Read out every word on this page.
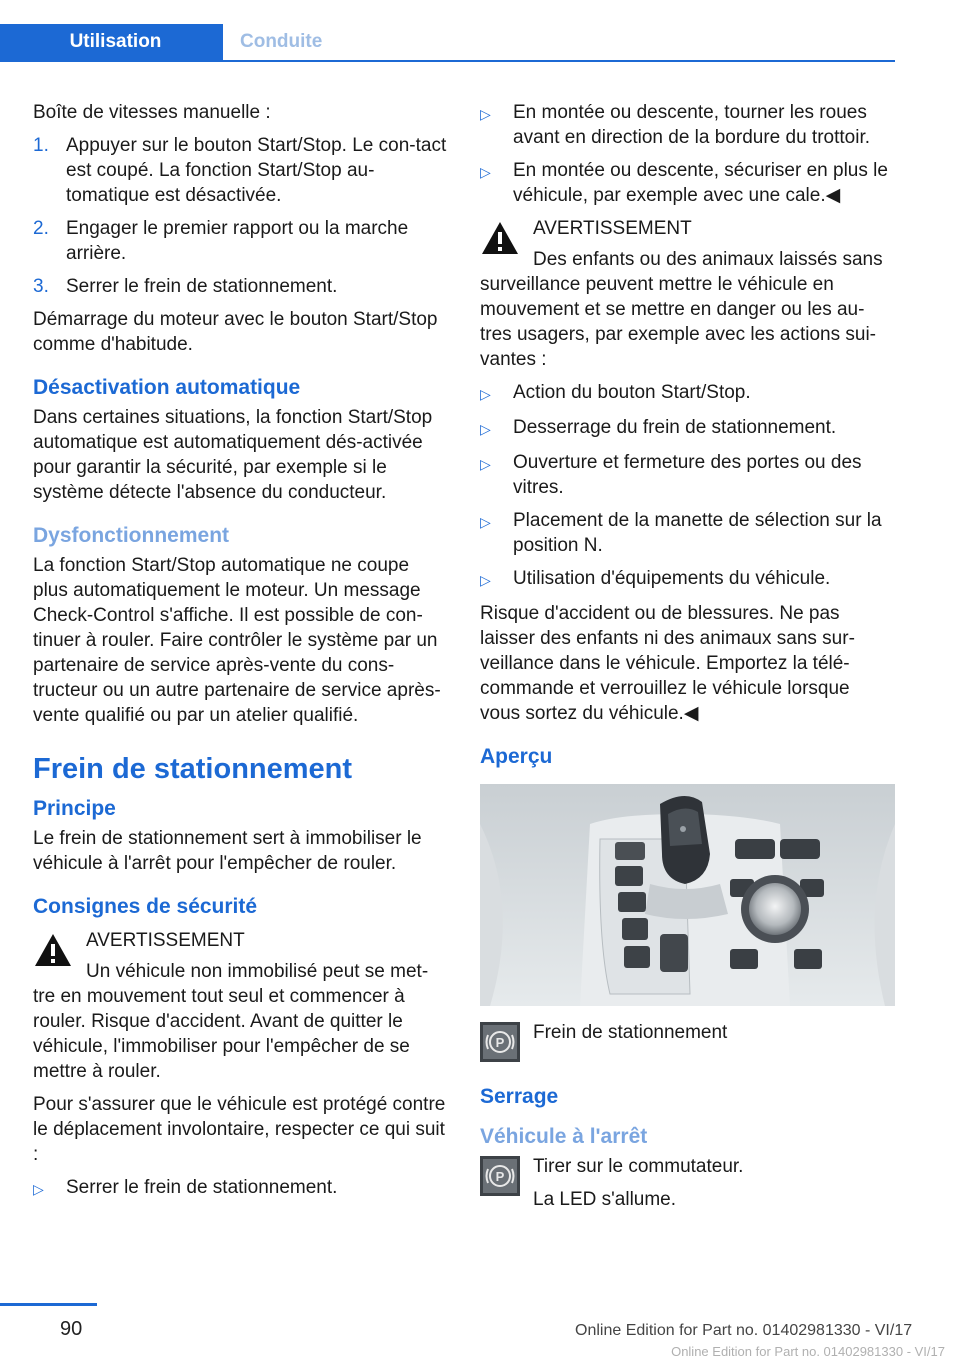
Utilisation	Conduite

Boîte de vitesses manuelle :

1. Appuyer sur le bouton Start/Stop. Le con‐tact est coupé. La fonction Start/Stop au‐tomatique est désactivée.
2. Engager le premier rapport ou la marche arrière.
3. Serrer le frein de stationnement.

Démarrage du moteur avec le bouton Start/Stop comme d'habitude.

Désactivation automatique

Dans certaines situations, la fonction Start/Stop automatique est automatiquement dés‐activée pour garantir la sécurité, par exemple si le système détecte l'absence du conducteur.

Dysfonctionnement

La fonction Start/Stop automatique ne coupe plus automatiquement le moteur. Un message Check-Control s'affiche. Il est possible de con‐tinuer à rouler. Faire contrôler le système par un partenaire de service après-vente du cons‐tructeur ou un autre partenaire de service après-vente qualifié ou par un atelier qualifié.

Frein de stationnement
Principe

Le frein de stationnement sert à immobiliser le véhicule à l'arrêt pour l'empêcher de rouler.

Consignes de sécurité
AVERTISSEMENT
Un véhicule non immobilisé peut se met‐tre en mouvement tout seul et commencer à rouler. Risque d'accident. Avant de quitter le véhicule, l'immobiliser pour l'empêcher de se mettre à rouler.

Pour s'assurer que le véhicule est protégé contre le déplacement involontaire, respecter ce qui suit :

▷	Serrer le frein de stationnement.
▷	En montée ou descente, tourner les roues avant en direction de la bordure du trottoir.
▷	En montée ou descente, sécuriser en plus le véhicule, par exemple avec une cale.◀
AVERTISSEMENT
Des enfants ou des animaux laissés sans surveillance peuvent mettre le véhicule en mouvement et se mettre en danger ou les au‐tres usagers, par exemple avec les actions sui‐vantes :
▷	Action du bouton Start/Stop.
▷	Desserrage du frein de stationnement.
▷	Ouverture et fermeture des portes ou des vitres.
▷	Placement de la manette de sélection sur la position N.
▷	Utilisation d'équipements du véhicule.

Risque d'accident ou de blessures. Ne pas laisser des enfants ni des animaux sans sur‐veillance dans le véhicule. Emportez la télé‐commande et verrouillez le véhicule lorsque vous sortez du véhicule.◀

Aperçu
P Frein de stationnement
Serrage
Véhicule à l'arrêt
P Tirer sur le commutateur.

La LED s'allume.

90	Online Edition for Part no. 01402981330 - VI/17
Online Edition for Part no. 01402981330 - VI/17
